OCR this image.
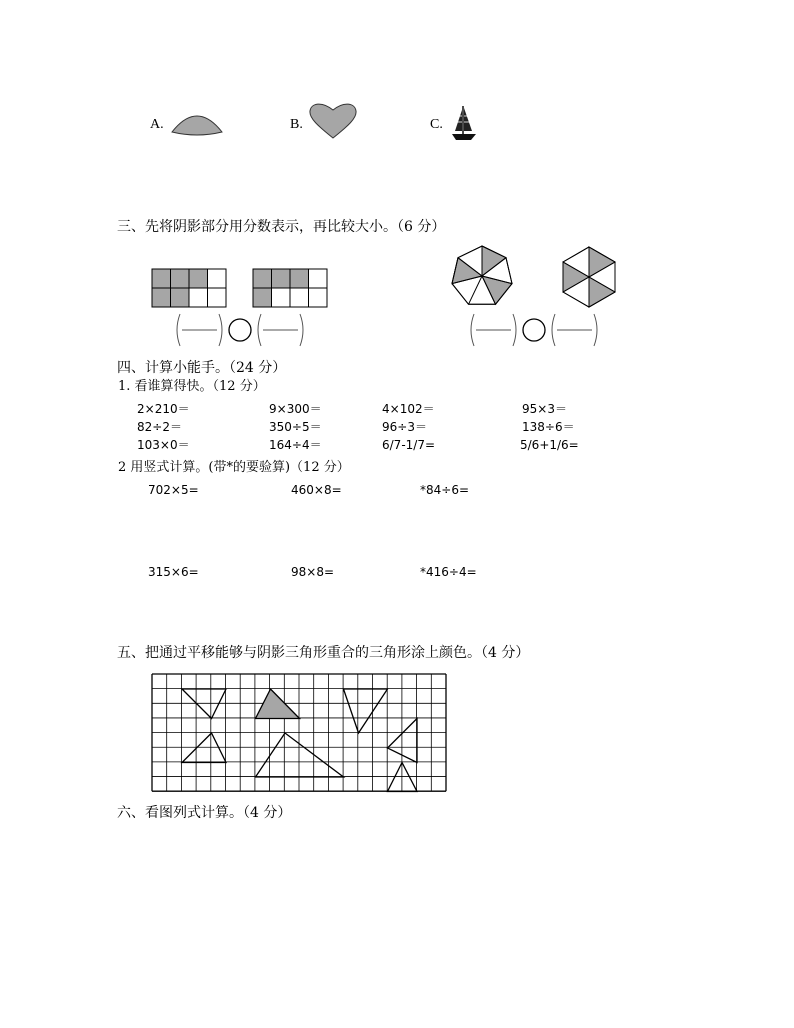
A.	B.	C.
三、先将阴影部分用分数表示，再比较大小。（6 分）
四、计算小能手。（24 分）
1. 看谁算得快。（12 分）
2×210＝	9×300＝	4×102＝	95×3＝
82÷2＝	350÷5＝	96÷3＝	138÷6＝
103×0＝	164÷4＝	6/7-1/7=	5/6+1/6=
2 用竖式计算。(带*的要验算)（12 分）
702×5=	460×8=	*84÷6=
315×6=	98×8=	*416÷4=
五、把通过平移能够与阴影三角形重合的三角形涂上颜色。（4 分）
六、看图列式计算。（4 分）
